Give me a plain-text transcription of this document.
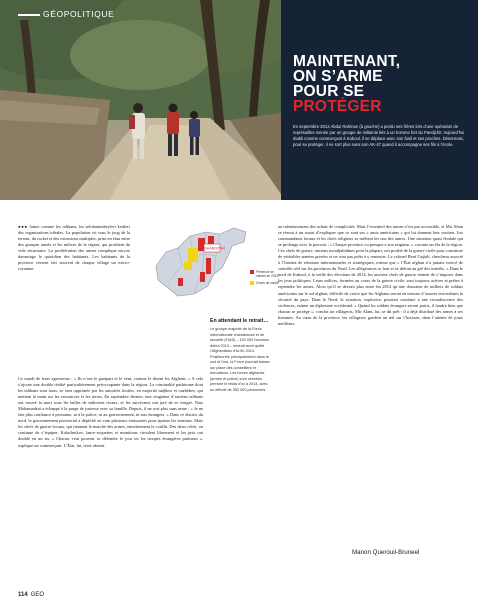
GÉOPOLITIQUE
MAINTENANT,
ON S’ARME
POUR SE
PROTÉGER

En septembre 2012 Abdul Rahman (à gauche) a perdu ses frères lors d’une opération de représailles menée par un groupe de militants liés à un homme fort du Pandjchir. Aujourd’hui établi comme commerçant à Kaboul, il se déplace avec son fusil et ses proches. Désormais, pour se protéger, il ne sort plus sans son AK-47 quand il accompagne ses fils à l’école.

AFGHANISTAN
Présence de milices en 2013
Zones de conflit

●●● lamer comme les talibans, les seluhatumbeyleri ketileri des organisations tribales. La population vit sous le joug de la terreur, du racket et des extorsions multiples, prise en étau entre des groupes armés et les milices de la région, qui profitent du vide sécuritaire. La prolifération des armes complique encore davantage le quotidien des habitants. Les habitants de la province versent fait souvent de chaque village un micro-royaume.

Ce mardi de leurs agresseurs : « Ils n’ont le guetpart et le vent, comme le disent les Afghans. » A cela s’ajoute une double réalité particulièrement préoccupante dans la région. La criminalité pashtoune dont les talibans sont issus, se sent opprimée par les autorités locales, en majorité tadjikes et ouzbèkes, qui mettent la main sur les ressources et les terres. En septembre dernier, une vingtaine d’anciens talibans ont trouvé la mort sous les balles de miliciens rivaux, et les survivants ont juré de se venger. Nasr Mohamadzai a échappé à la purge de justesse avec sa famille. Depuis, il ne sort plus sans arme : « Je ne fais plus confiance à personne, ni à la police, ni au gouvernement, ni aux étrangers. » Dans ce district du nord, le gouvernement provincial a dépêché en vain plusieurs émissaires pour apaiser les tensions. Mais les chefs de guerre locaux, qui tiennent le marché des armes, entretiennent le conflit. Des deux côtés, on continue de s’équiper. Kalachnikov, lance-roquettes et munitions circulent librement et les prix ont doublé en un an. « Chacun veut pouvoir se défendre le jour où les troupes étrangères partiront », explique un commerçant. L’État, lui, reste absent.

au ralentissement des achats de complicités. Mais l’essentiel des armes n’est pas accessible, et Mir Alam se résout à un statut d’expliquer que ce sont ses « amis américains » qui lui donnent leur soutien. Les commandants locaux et les chefs religieux se méfient les uns des autres. Une situation quasi féodale qui se prolonge avec le pouvoir : « Chaque province ou presque a son seigneur », raconte un élu de la région. Ces chefs de guerre, anciens moudjahidines pour la plupart, ont profité de la guerre civile pour constituer de véritables armées privées et ne sont pas prêts à y renoncer. Le colonel Reuf Gajiali, chercheur associé à l’Institut de relations internationales et stratégiques, estime que « l’État afghan n’a jamais exercé de contrôle réel sur les provinces du Nord. Les allégeances se font et se défont au gré des intérêts. » Dans le nord de Kaboul, à la veille des élections de 2014, les anciens chefs de guerre tentent de s’imposer dans les jeux politiques. Leurs milices, formées au cours de la guerre civile, sont toujours actives et prêtes à reprendre les armes. Alors qu’il se devrait plus entre fin 2014 qu’une douzaine de milliers de soldats américains sur le sol afghan, difficile de croire que les Afghans seront en mesure d’assurer eux-mêmes la sécurité du pays. Dans le Nord, la situation, explosive, pourrait conduire à une recrudescence des violences, estime un diplomate occidental. « Quand les soldats étrangers seront partis, il faudra bien que chacun se protège », conclut un villageois. Mir Alam, lui, se dit prêt : il a déjà distribué des armes à ses hommes. Au cœur de la province, les villageois gardent un œil sur l’horizon, dans l’attente de jours meilleurs.

En attendant le retrait…
Le groupe majorité de la Force internationale d’assistance et de sécurité (FIAS) – 100 000 hommes début 2013 – devrait avoir quitté l’Afghanistan d’ici fin 2014. Positionnée principalement dans le sud et l’est, la Force pourrait laisser sur place des conseillers et formateurs. Les forces afghanes (armée et police) sont censées prendre le relais d’ici à 2014, avec un effectif de 352 000 personnes.
Manon Querouil-Bruneel
114 GEO
